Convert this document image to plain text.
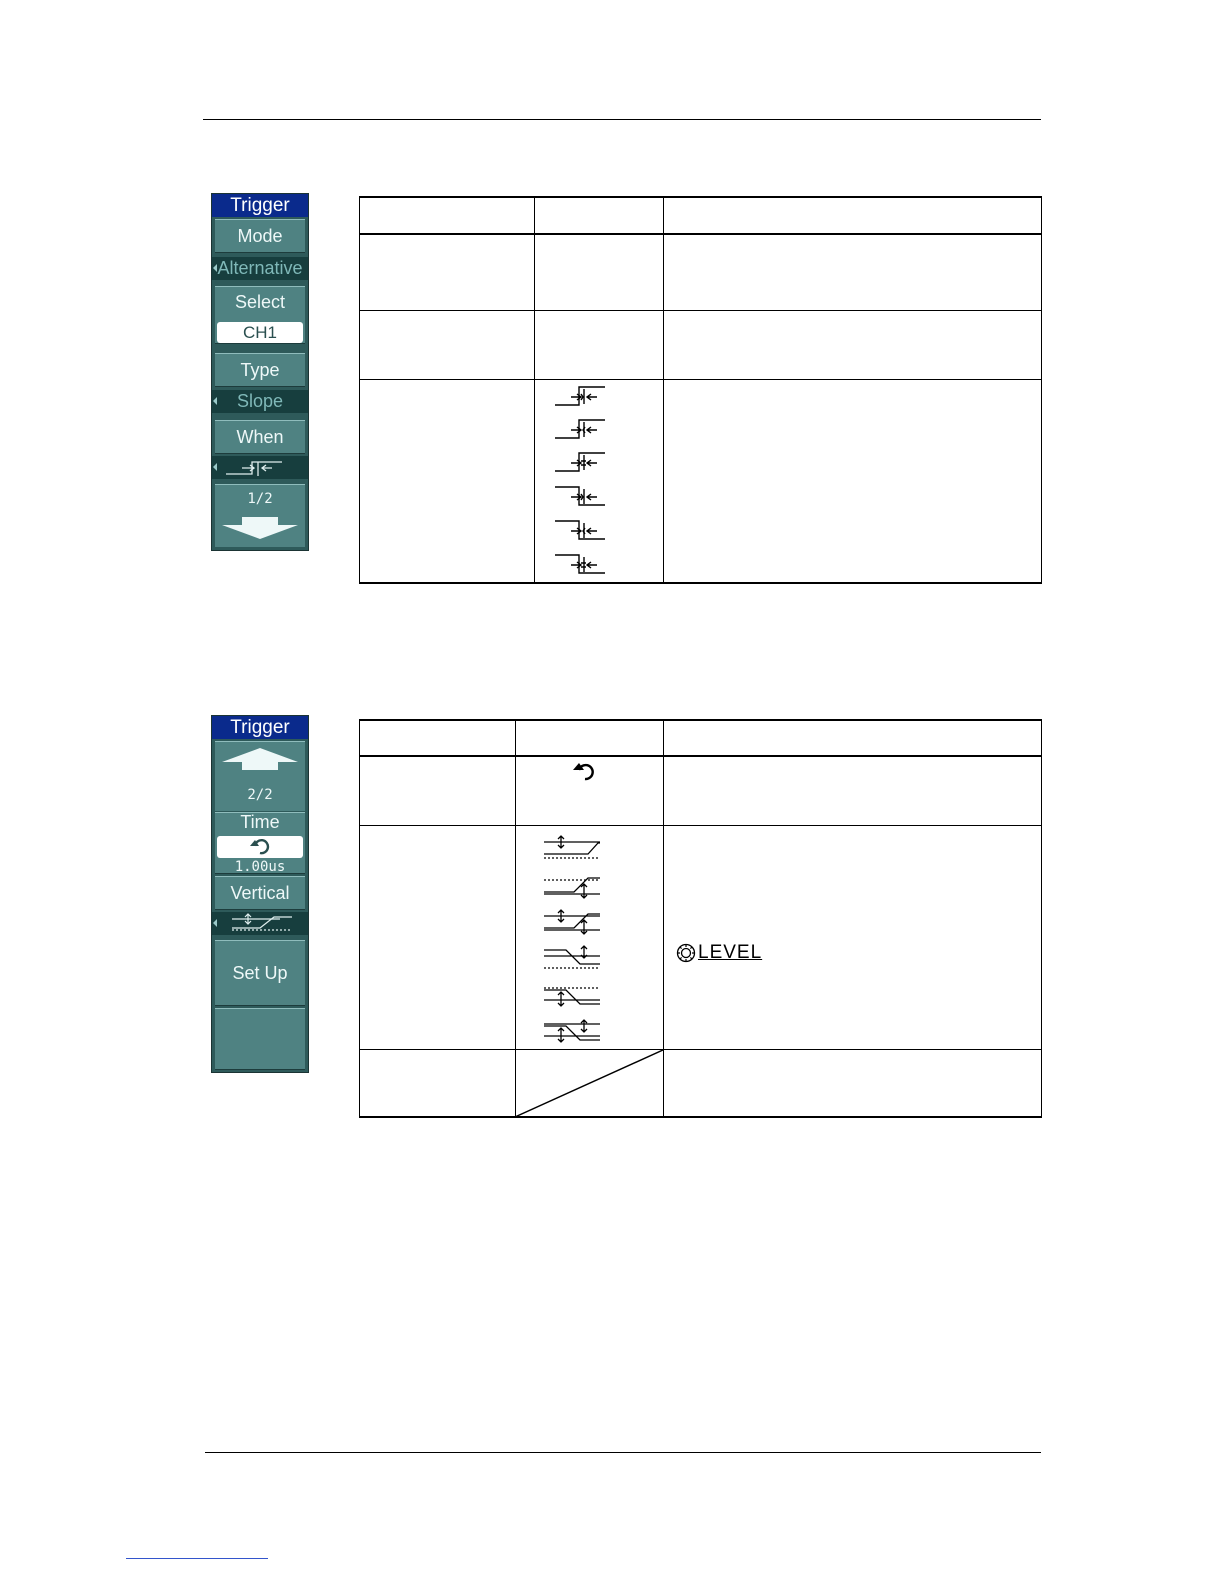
Trigger
Mode
Alternative
Select
CH1
Type
Slope
When
1/2

Trigger
2/2
Time
1.00us
Vertical
Set Up

LEVEL
